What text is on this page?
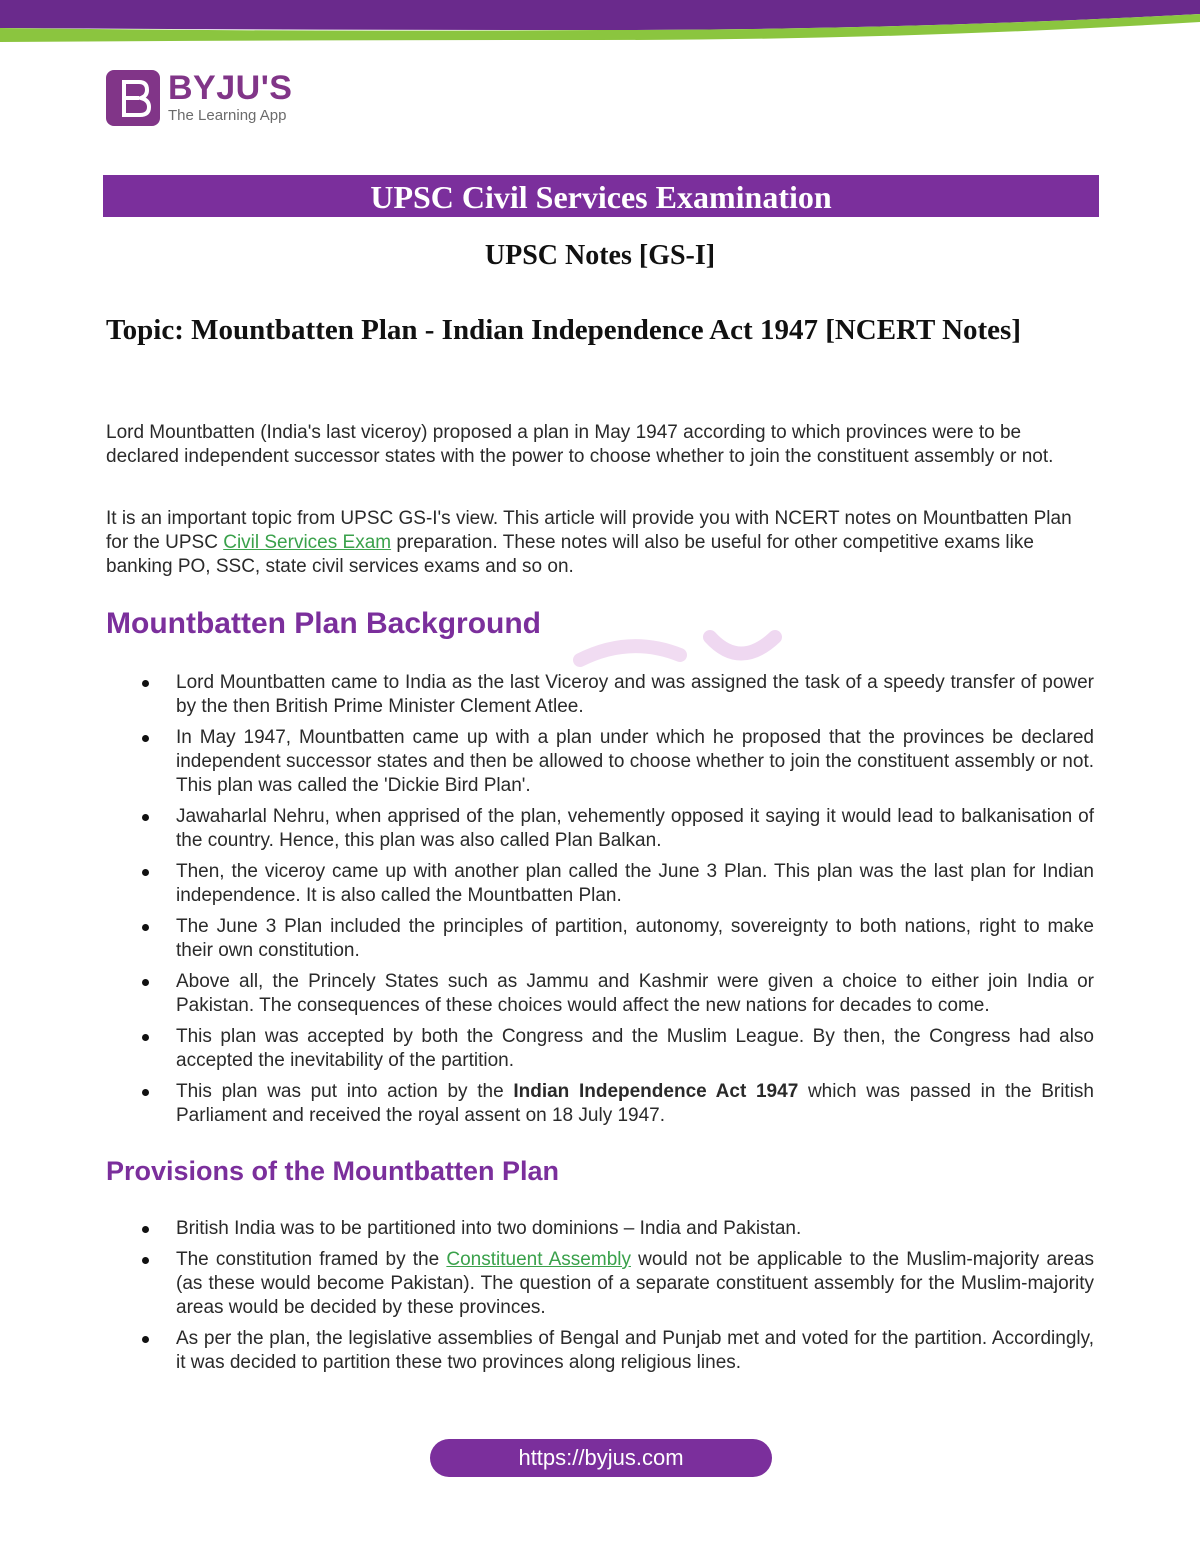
BYJU'S
The Learning App
UPSC Civil Services Examination
UPSC Notes [GS-I]
Topic: Mountbatten Plan - Indian Independence Act 1947 [NCERT Notes]
Lord Mountbatten (India's last viceroy) proposed a plan in May 1947 according to which provinces were to be declared independent successor states with the power to choose whether to join the constituent assembly or not.
It is an important topic from UPSC GS-I's view. This article will provide you with NCERT notes on Mountbatten Plan for the UPSC Civil Services Exam preparation. These notes will also be useful for other competitive exams like banking PO, SSC, state civil services exams and so on.
Mountbatten Plan Background
Lord Mountbatten came to India as the last Viceroy and was assigned the task of a speedy transfer of power by the then British Prime Minister Clement Atlee.
In May 1947, Mountbatten came up with a plan under which he proposed that the provinces be declared independent successor states and then be allowed to choose whether to join the constituent assembly or not. This plan was called the 'Dickie Bird Plan'.
Jawaharlal Nehru, when apprised of the plan, vehemently opposed it saying it would lead to balkanisation of the country. Hence, this plan was also called Plan Balkan.
Then, the viceroy came up with another plan called the June 3 Plan. This plan was the last plan for Indian independence. It is also called the Mountbatten Plan.
The June 3 Plan included the principles of partition, autonomy, sovereignty to both nations, right to make their own constitution.
Above all, the Princely States such as Jammu and Kashmir were given a choice to either join India or Pakistan. The consequences of these choices would affect the new nations for decades to come.
This plan was accepted by both the Congress and the Muslim League. By then, the Congress had also accepted the inevitability of the partition.
This plan was put into action by the Indian Independence Act 1947 which was passed in the British Parliament and received the royal assent on 18 July 1947.
Provisions of the Mountbatten Plan
British India was to be partitioned into two dominions – India and Pakistan.
The constitution framed by the Constituent Assembly would not be applicable to the Muslim-majority areas (as these would become Pakistan). The question of a separate constituent assembly for the Muslim-majority areas would be decided by these provinces.
As per the plan, the legislative assemblies of Bengal and Punjab met and voted for the partition. Accordingly, it was decided to partition these two provinces along religious lines.
https://byjus.com
